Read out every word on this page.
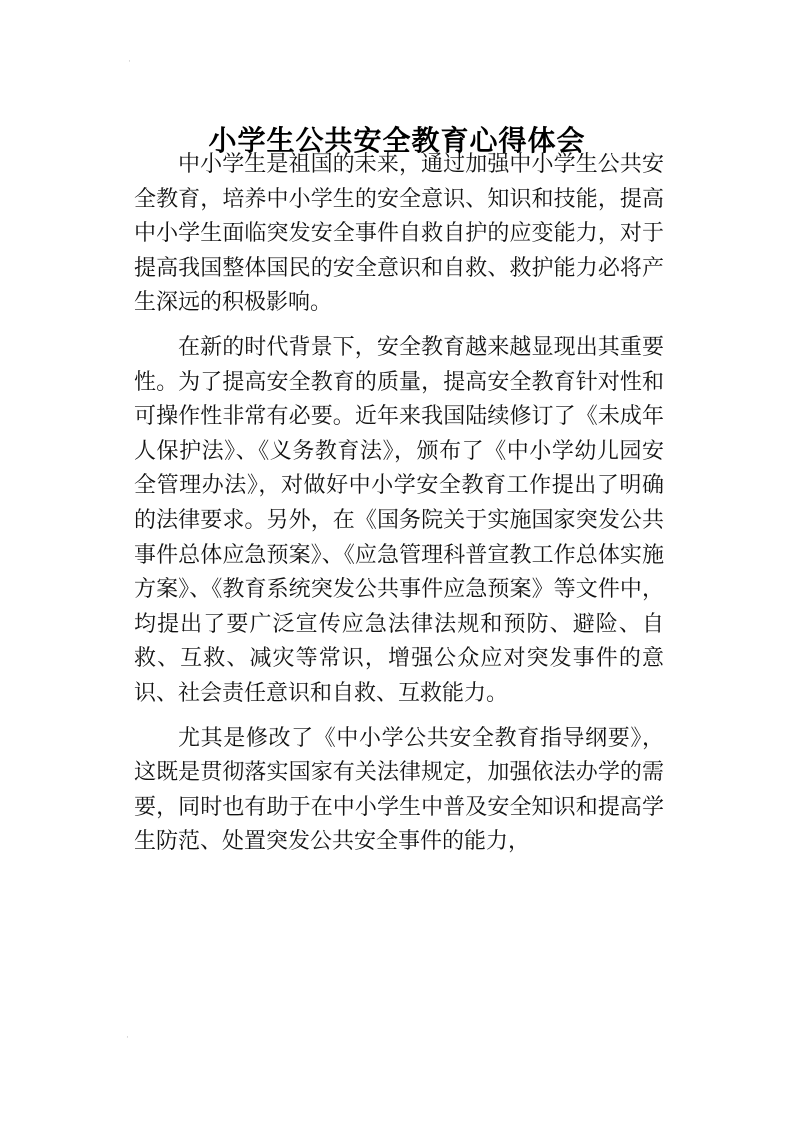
·
小学生公共安全教育心得体会

中小学生是祖国的未来，通过加强中小学生公共安全教育，培养中小学生的安全意识、知识和技能，提高中小学生面临突发安全事件自救自护的应变能力，对于提高我国整体国民的安全意识和自救、救护能力必将产生深远的积极影响。

在新的时代背景下，安全教育越来越显现出其重要性。为了提高安全教育的质量，提高安全教育针对性和可操作性非常有必要。近年来我国陆续修订了《未成年人保护法》、《义务教育法》，颁布了《中小学幼儿园安全管理办法》，对做好中小学安全教育工作提出了明确的法律要求。另外，在《国务院关于实施国家突发公共事件总体应急预案》、《应急管理科普宣教工作总体实施方案》、《教育系统突发公共事件应急预案》等文件中，均提出了要广泛宣传应急法律法规和预防、避险、自救、互救、减灾等常识，增强公众应对突发事件的意识、社会责任意识和自救、互救能力。

尤其是修改了《中小学公共安全教育指导纲要》，这既是贯彻落实国家有关法律规定，加强依法办学的需要，同时也有助于在中小学生中普及安全知识和提高学生防范、处置突发公共安全事件的能力，

·
